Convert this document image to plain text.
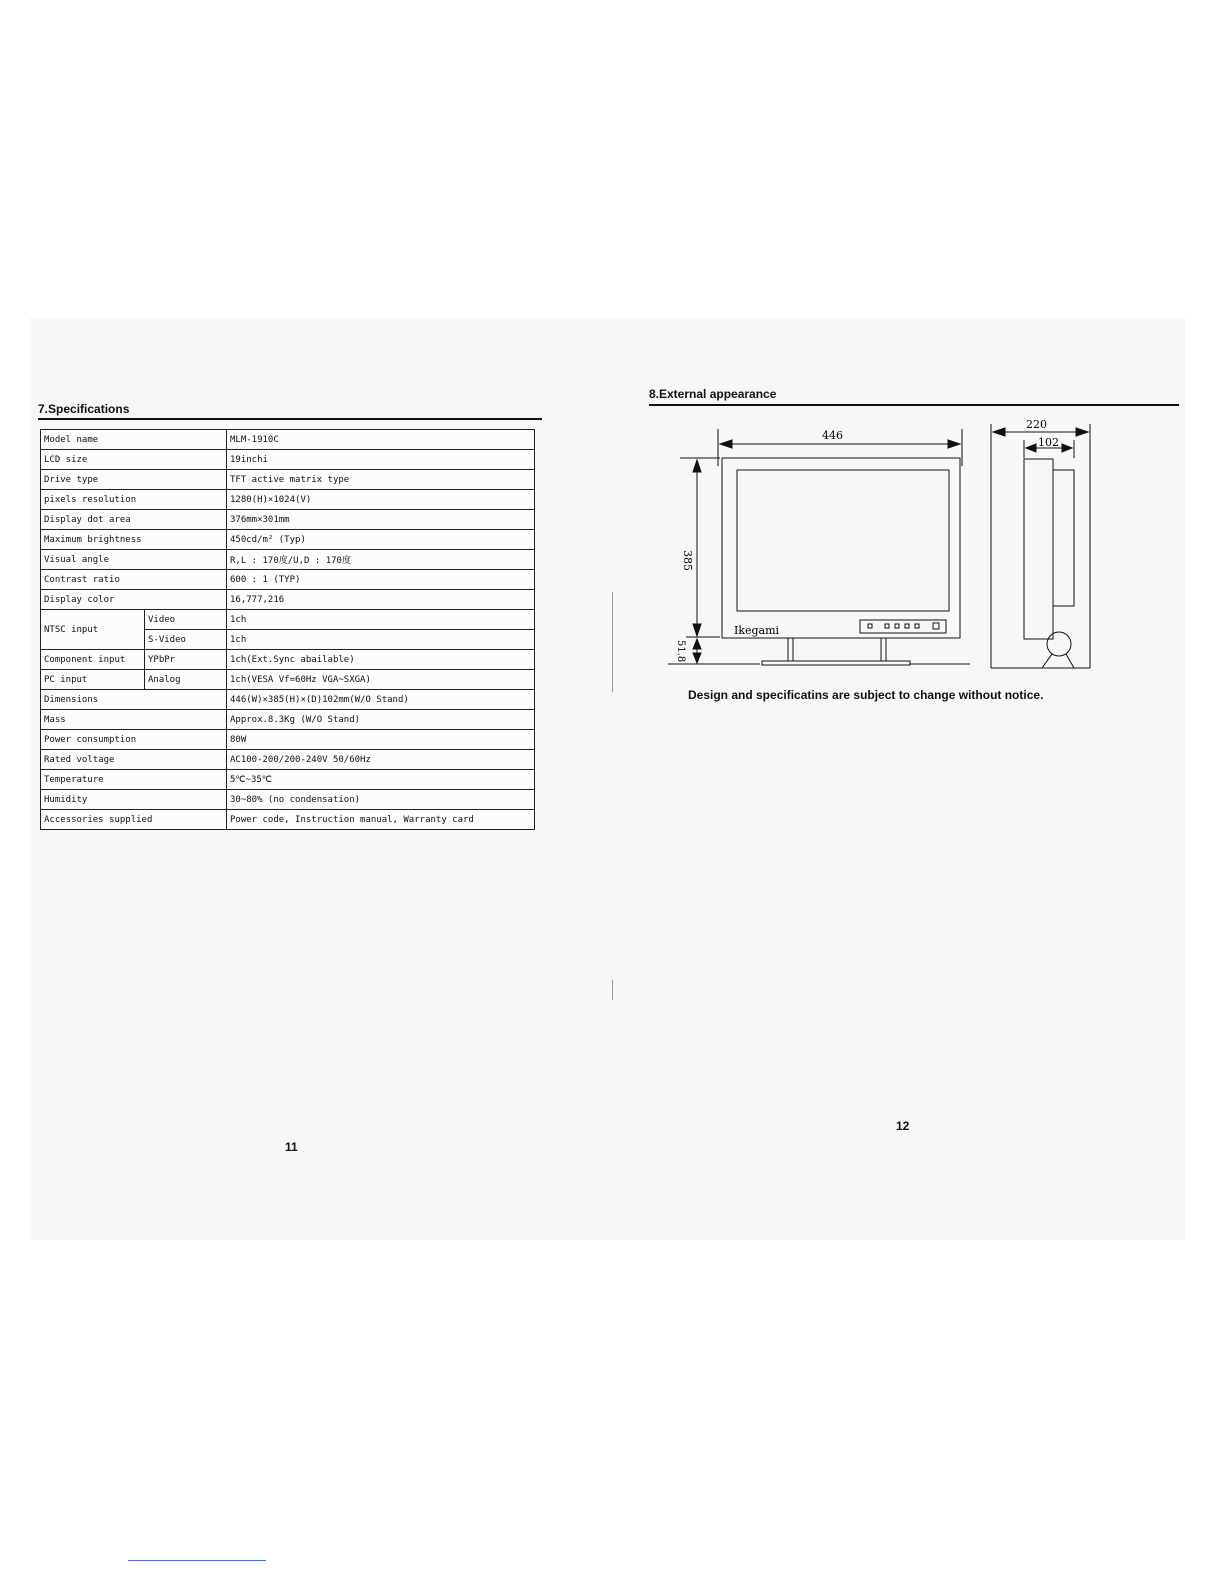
7.Specifications
Model name		MLM-1910C
LCD size		19inchi
Drive type		TFT active matrix type
pixels resolution		1280(H)×1024(V)
Display dot area		376mm×301mm
Maximum brightness		450cd/m² (Typ)
Visual angle		R,L : 170度/U,D : 170度
Contrast ratio		600 : 1 (TYP)
Display color		16,777,216
NTSC input	Video	1ch
	S-Video	1ch
Component input	YPbPr	1ch(Ext.Sync abailable)
PC input	Analog	1ch(VESA Vf=60Hz VGA~SXGA)
Dimensions		446(W)×385(H)×(D)102mm(W/O Stand)
Mass		Approx.8.3Kg (W/O Stand)
Power consumption		80W
Rated voltage		AC100-200/200-240V 50/60Hz
Temperature		5℃~35℃
Humidity		30~80% (no condensation)
Accessories supplied		Power code, Instruction manual, Warranty card
11
8.External appearance
446
385
51.8
Ikegami
220
102
Design and specificatins are subject to change without notice.
12
